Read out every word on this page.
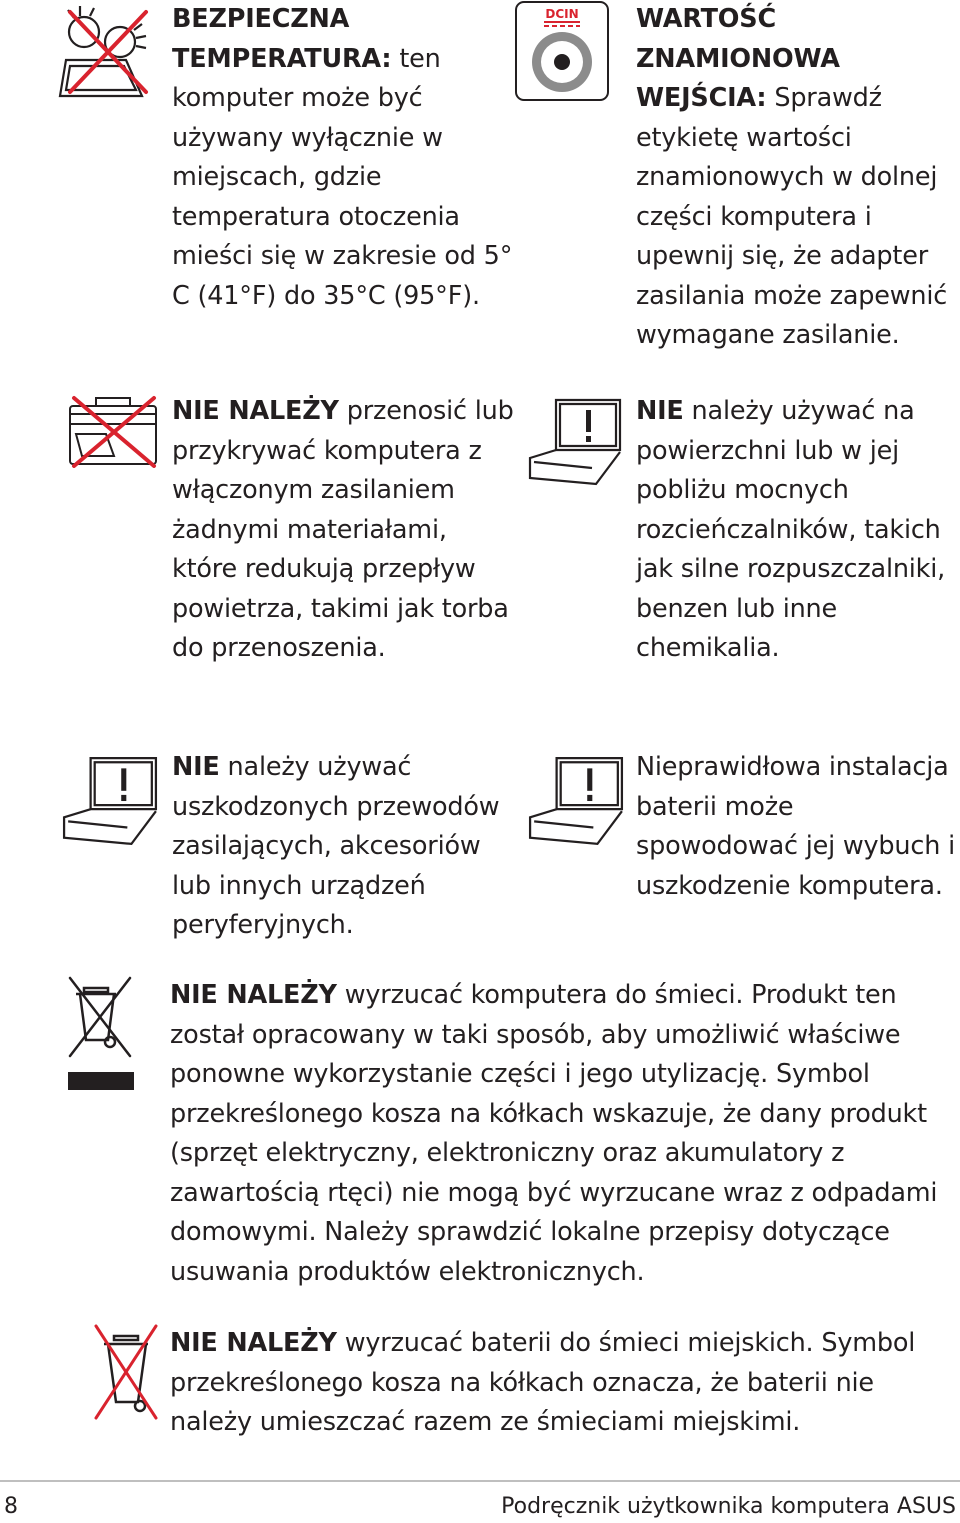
DCIN
BEZPIECZNA TEMPERATURA: ten komputer może być używany wyłącznie w miejscach, gdzie temperatura otoczenia mieści się w zakresie od 5° C (41°F) do 35°C (95°F).
WARTOŚĆ ZNAMIONOWA WEJŚCIA: Sprawdź etykietę wartości znamionowych w dolnej części komputera i upewnij się, że adapter zasilania może zapewnić wymagane zasilanie.
NIE NALEŻY przenosić lub przykrywać komputera z włączonym zasilaniem żadnymi materiałami, które redukują przepływ powietrza, takimi jak torba do przenoszenia.
NIE należy używać na powierzchni lub w jej pobliżu mocnych rozcieńczalników, takich jak silne rozpuszczalniki, benzen lub inne chemikalia.
NIE należy używać uszkodzonych przewodów zasilających, akcesoriów lub innych urządzeń peryferyjnych.
Nieprawidłowa instalacja baterii może spowodować jej wybuch i uszkodzenie komputera.
NIE NALEŻY wyrzucać komputera do śmieci. Produkt ten został opracowany w taki sposób, aby umożliwić właściwe ponowne wykorzystanie części i jego utylizację. Symbol przekreślonego kosza na kółkach wskazuje, że dany produkt (sprzęt elektryczny, elektroniczny oraz akumulatory z zawartością rtęci) nie mogą być wyrzucane wraz z odpadami domowymi. Należy sprawdzić lokalne przepisy dotyczące usuwania produktów elektronicznych.
NIE NALEŻY wyrzucać baterii do śmieci miejskich. Symbol przekreślonego kosza na kółkach oznacza, że baterii nie należy umieszczać razem ze śmieciami miejskimi.
8	Podręcznik użytkownika komputera ASUS
